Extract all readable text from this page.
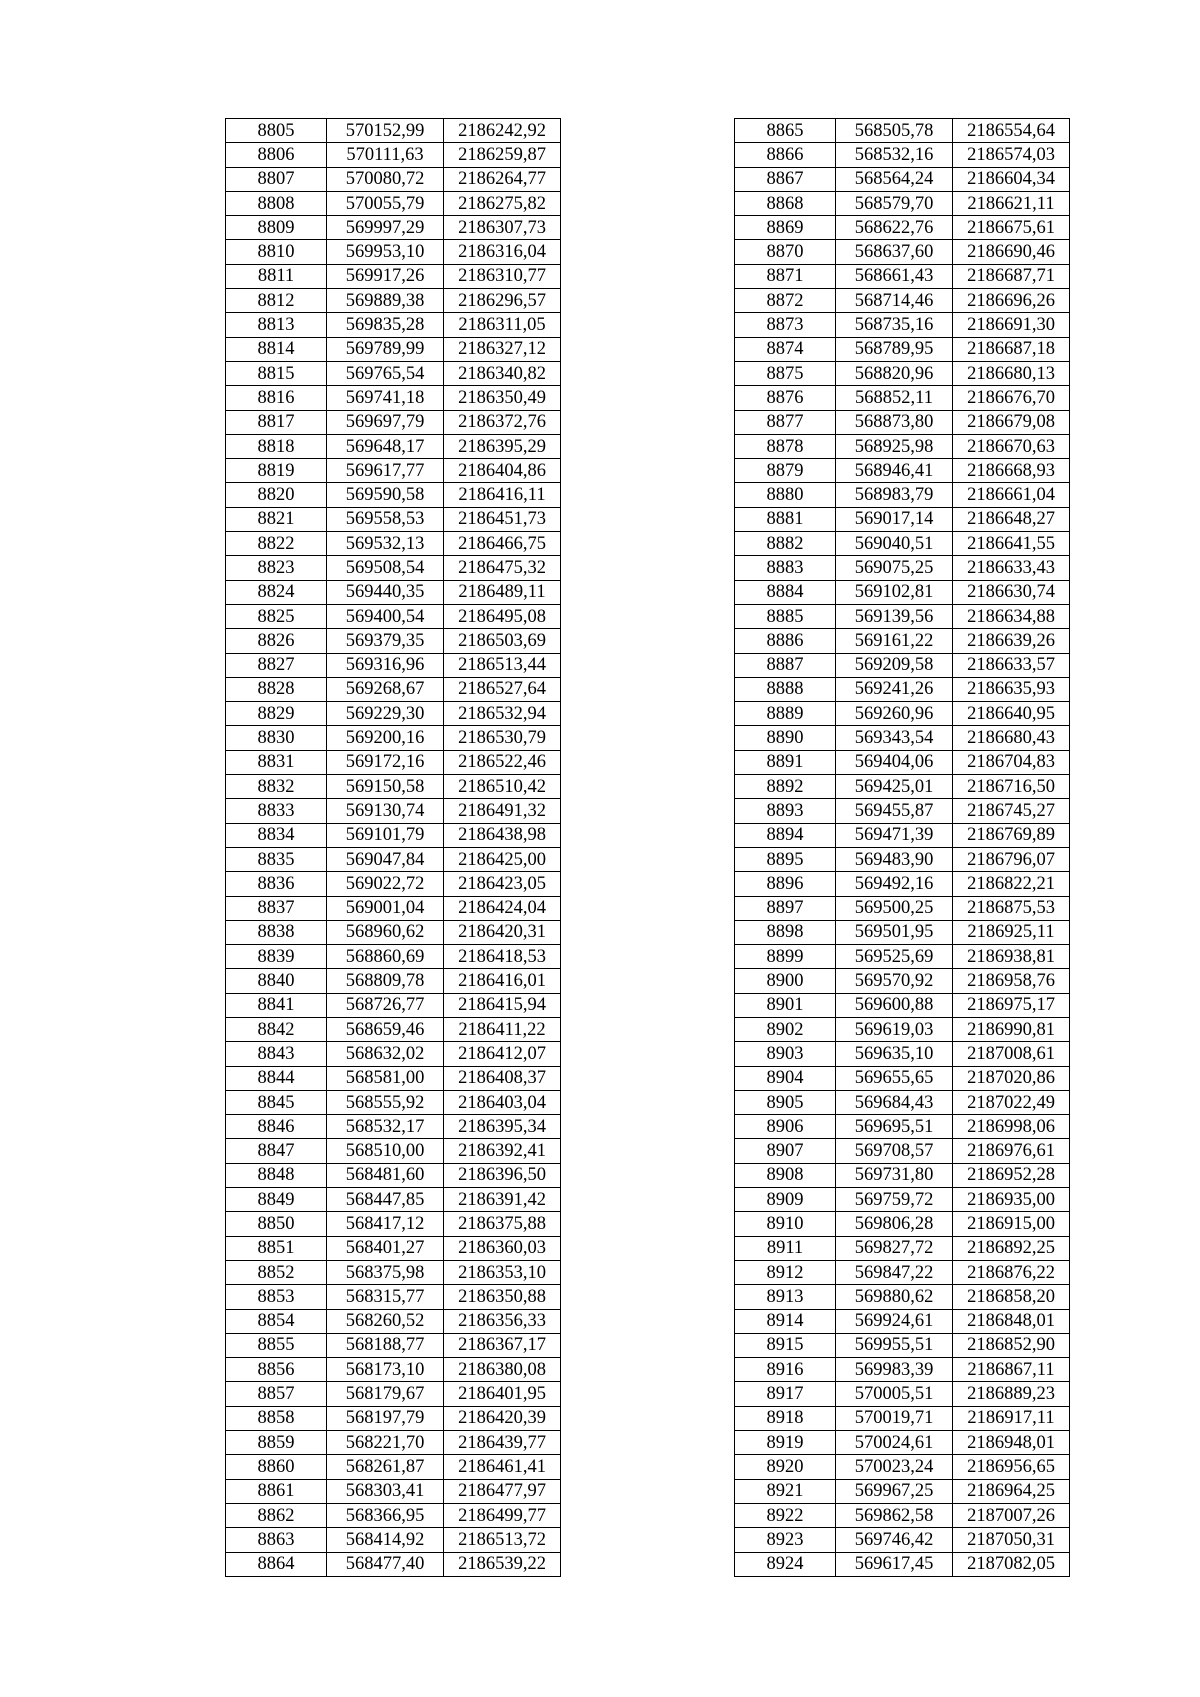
8805	570152,99	2186242,92
8806	570111,63	2186259,87
8807	570080,72	2186264,77
8808	570055,79	2186275,82
8809	569997,29	2186307,73
8810	569953,10	2186316,04
8811	569917,26	2186310,77
8812	569889,38	2186296,57
8813	569835,28	2186311,05
8814	569789,99	2186327,12
8815	569765,54	2186340,82
8816	569741,18	2186350,49
8817	569697,79	2186372,76
8818	569648,17	2186395,29
8819	569617,77	2186404,86
8820	569590,58	2186416,11
8821	569558,53	2186451,73
8822	569532,13	2186466,75
8823	569508,54	2186475,32
8824	569440,35	2186489,11
8825	569400,54	2186495,08
8826	569379,35	2186503,69
8827	569316,96	2186513,44
8828	569268,67	2186527,64
8829	569229,30	2186532,94
8830	569200,16	2186530,79
8831	569172,16	2186522,46
8832	569150,58	2186510,42
8833	569130,74	2186491,32
8834	569101,79	2186438,98
8835	569047,84	2186425,00
8836	569022,72	2186423,05
8837	569001,04	2186424,04
8838	568960,62	2186420,31
8839	568860,69	2186418,53
8840	568809,78	2186416,01
8841	568726,77	2186415,94
8842	568659,46	2186411,22
8843	568632,02	2186412,07
8844	568581,00	2186408,37
8845	568555,92	2186403,04
8846	568532,17	2186395,34
8847	568510,00	2186392,41
8848	568481,60	2186396,50
8849	568447,85	2186391,42
8850	568417,12	2186375,88
8851	568401,27	2186360,03
8852	568375,98	2186353,10
8853	568315,77	2186350,88
8854	568260,52	2186356,33
8855	568188,77	2186367,17
8856	568173,10	2186380,08
8857	568179,67	2186401,95
8858	568197,79	2186420,39
8859	568221,70	2186439,77
8860	568261,87	2186461,41
8861	568303,41	2186477,97
8862	568366,95	2186499,77
8863	568414,92	2186513,72
8864	568477,40	2186539,22
8865	568505,78	2186554,64
8866	568532,16	2186574,03
8867	568564,24	2186604,34
8868	568579,70	2186621,11
8869	568622,76	2186675,61
8870	568637,60	2186690,46
8871	568661,43	2186687,71
8872	568714,46	2186696,26
8873	568735,16	2186691,30
8874	568789,95	2186687,18
8875	568820,96	2186680,13
8876	568852,11	2186676,70
8877	568873,80	2186679,08
8878	568925,98	2186670,63
8879	568946,41	2186668,93
8880	568983,79	2186661,04
8881	569017,14	2186648,27
8882	569040,51	2186641,55
8883	569075,25	2186633,43
8884	569102,81	2186630,74
8885	569139,56	2186634,88
8886	569161,22	2186639,26
8887	569209,58	2186633,57
8888	569241,26	2186635,93
8889	569260,96	2186640,95
8890	569343,54	2186680,43
8891	569404,06	2186704,83
8892	569425,01	2186716,50
8893	569455,87	2186745,27
8894	569471,39	2186769,89
8895	569483,90	2186796,07
8896	569492,16	2186822,21
8897	569500,25	2186875,53
8898	569501,95	2186925,11
8899	569525,69	2186938,81
8900	569570,92	2186958,76
8901	569600,88	2186975,17
8902	569619,03	2186990,81
8903	569635,10	2187008,61
8904	569655,65	2187020,86
8905	569684,43	2187022,49
8906	569695,51	2186998,06
8907	569708,57	2186976,61
8908	569731,80	2186952,28
8909	569759,72	2186935,00
8910	569806,28	2186915,00
8911	569827,72	2186892,25
8912	569847,22	2186876,22
8913	569880,62	2186858,20
8914	569924,61	2186848,01
8915	569955,51	2186852,90
8916	569983,39	2186867,11
8917	570005,51	2186889,23
8918	570019,71	2186917,11
8919	570024,61	2186948,01
8920	570023,24	2186956,65
8921	569967,25	2186964,25
8922	569862,58	2187007,26
8923	569746,42	2187050,31
8924	569617,45	2187082,05
